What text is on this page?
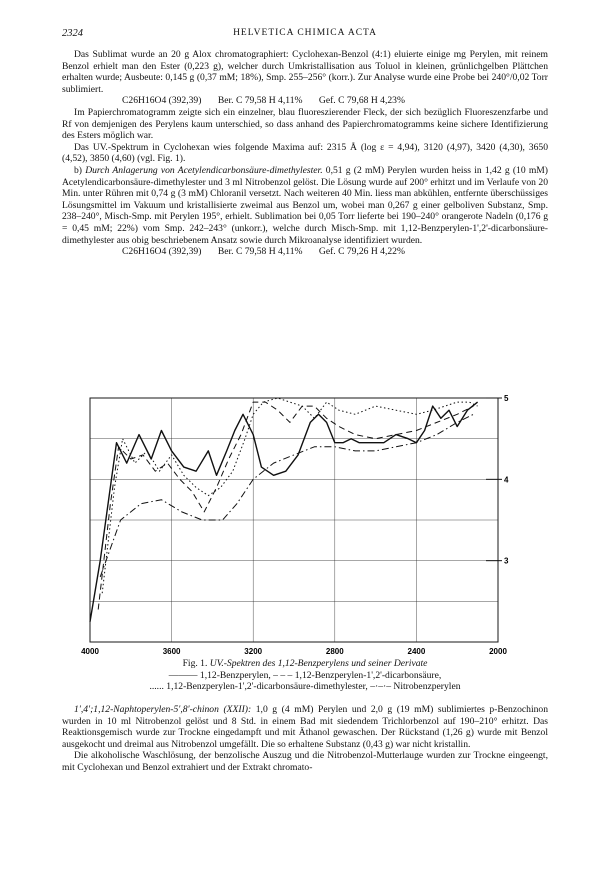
2324	HELVETICA CHIMICA ACTA

Das Sublimat wurde an 20 g Alox chromatographiert: Cyclohexan-Benzol (4:1) eluierte einige mg Perylen, mit reinem Benzol erhielt man den Ester (0,223 g), welcher durch Umkristallisation aus Toluol in kleinen, grünlichgelben Plättchen erhalten wurde; Ausbeute: 0,145 g (0,37 mM; 18%), Smp. 255–256° (korr.). Zur Analyse wurde eine Probe bei 240°/0,02 Torr sublimiert.

C26H16O4 (392,39) Ber. C 79,58 H 4,11% Gef. C 79,68 H 4,23%

Im Papierchromatogramm zeigte sich ein einzelner, blau fluoreszierender Fleck, der sich bezüglich Fluoreszenzfarbe und Rf von demjenigen des Perylens kaum unterschied, so dass anhand des Papierchromatogramms keine sichere Identifizierung des Esters möglich war.

Das UV.-Spektrum in Cyclohexan wies folgende Maxima auf: 2315 Å (log ε = 4,94), 3120 (4,97), 3420 (4,30), 3650 (4,52), 3850 (4,60) (vgl. Fig. 1).

b) Durch Anlagerung von Acetylendicarbonsäure-dimethylester. 0,51 g (2 mM) Perylen wurden heiss in 1,42 g (10 mM) Acetylendicarbonsäure-dimethylester und 3 ml Nitrobenzol gelöst. Die Lösung wurde auf 200° erhitzt und im Verlaufe von 20 Min. unter Rühren mit 0,74 g (3 mM) Chloranil versetzt. Nach weiteren 40 Min. liess man abkühlen, entfernte überschüssiges Lösungsmittel im Vakuum und kristallisierte zweimal aus Benzol um, wobei man 0,267 g einer gelboliven Substanz, Smp. 238–240°, Misch-Smp. mit Perylen 195°, erhielt. Sublimation bei 0,05 Torr lieferte bei 190–240° orangerote Nadeln (0,176 g = 0,45 mM; 22%) vom Smp. 242–243° (unkorr.), welche durch Misch-Smp. mit 1,12-Benzperylen-1',2'-dicarbonsäure-dimethylester aus obig beschriebenem Ansatz sowie durch Mikroanalyse identifiziert wurden.

C26H16O4 (392,39) Ber. C 79,58 H 4,11% Gef. C 79,26 H 4,22%

4000	3600	3200	2800	2400	2000
3
4
5
Fig. 1. UV.-Spektren des 1,12-Benzperylens und seiner Derivate
——— 1,12-Benzperylen, – – – 1,12-Benzperylen-1',2'-dicarbonsäure,
...... 1,12-Benzperylen-1',2'-dicarbonsäure-dimethylester, –·–·– Nitrobenzperylen

1',4';1,12-Naphtoperylen-5',8'-chinon (XXII): 1,0 g (4 mM) Perylen und 2,0 g (19 mM) sublimiertes p-Benzochinon wurden in 10 ml Nitrobenzol gelöst und 8 Std. in einem Bad mit siedendem Trichlorbenzol auf 190–210° erhitzt. Das Reaktionsgemisch wurde zur Trockne eingedampft und mit Äthanol gewaschen. Der Rückstand (1,26 g) wurde mit Benzol ausgekocht und dreimal aus Nitrobenzol umgefällt. Die so erhaltene Substanz (0,43 g) war nicht kristallin.

Die alkoholische Waschlösung, der benzolische Auszug und die Nitrobenzol-Mutterlauge wurden zur Trockne eingeengt, mit Cyclohexan und Benzol extrahiert und der Extrakt chromato-
